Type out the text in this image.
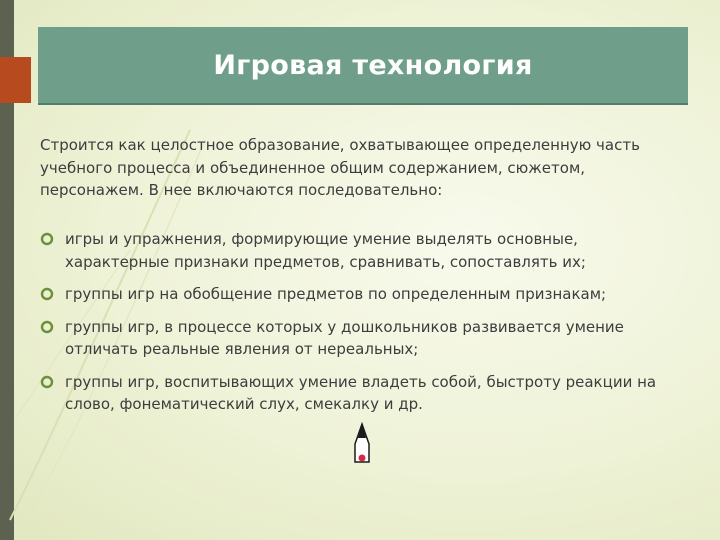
Игровая технология

Строится как целостное образование, охватывающее определенную часть учебного процесса и объединенное общим содержанием, сюжетом, персонажем. В нее включаются последовательно:

игры и упражнения, формирующие умение выделять основные, характерные признаки предметов, сравнивать, сопоставлять их;
группы игр на обобщение предметов по определенным признакам;
группы игр, в процессе которых у дошкольников развивается умение отличать реальные явления от нереальных;
группы игр, воспитывающих умение владеть собой, быстроту реакции на слово, фонематический слух, смекалку и др.
